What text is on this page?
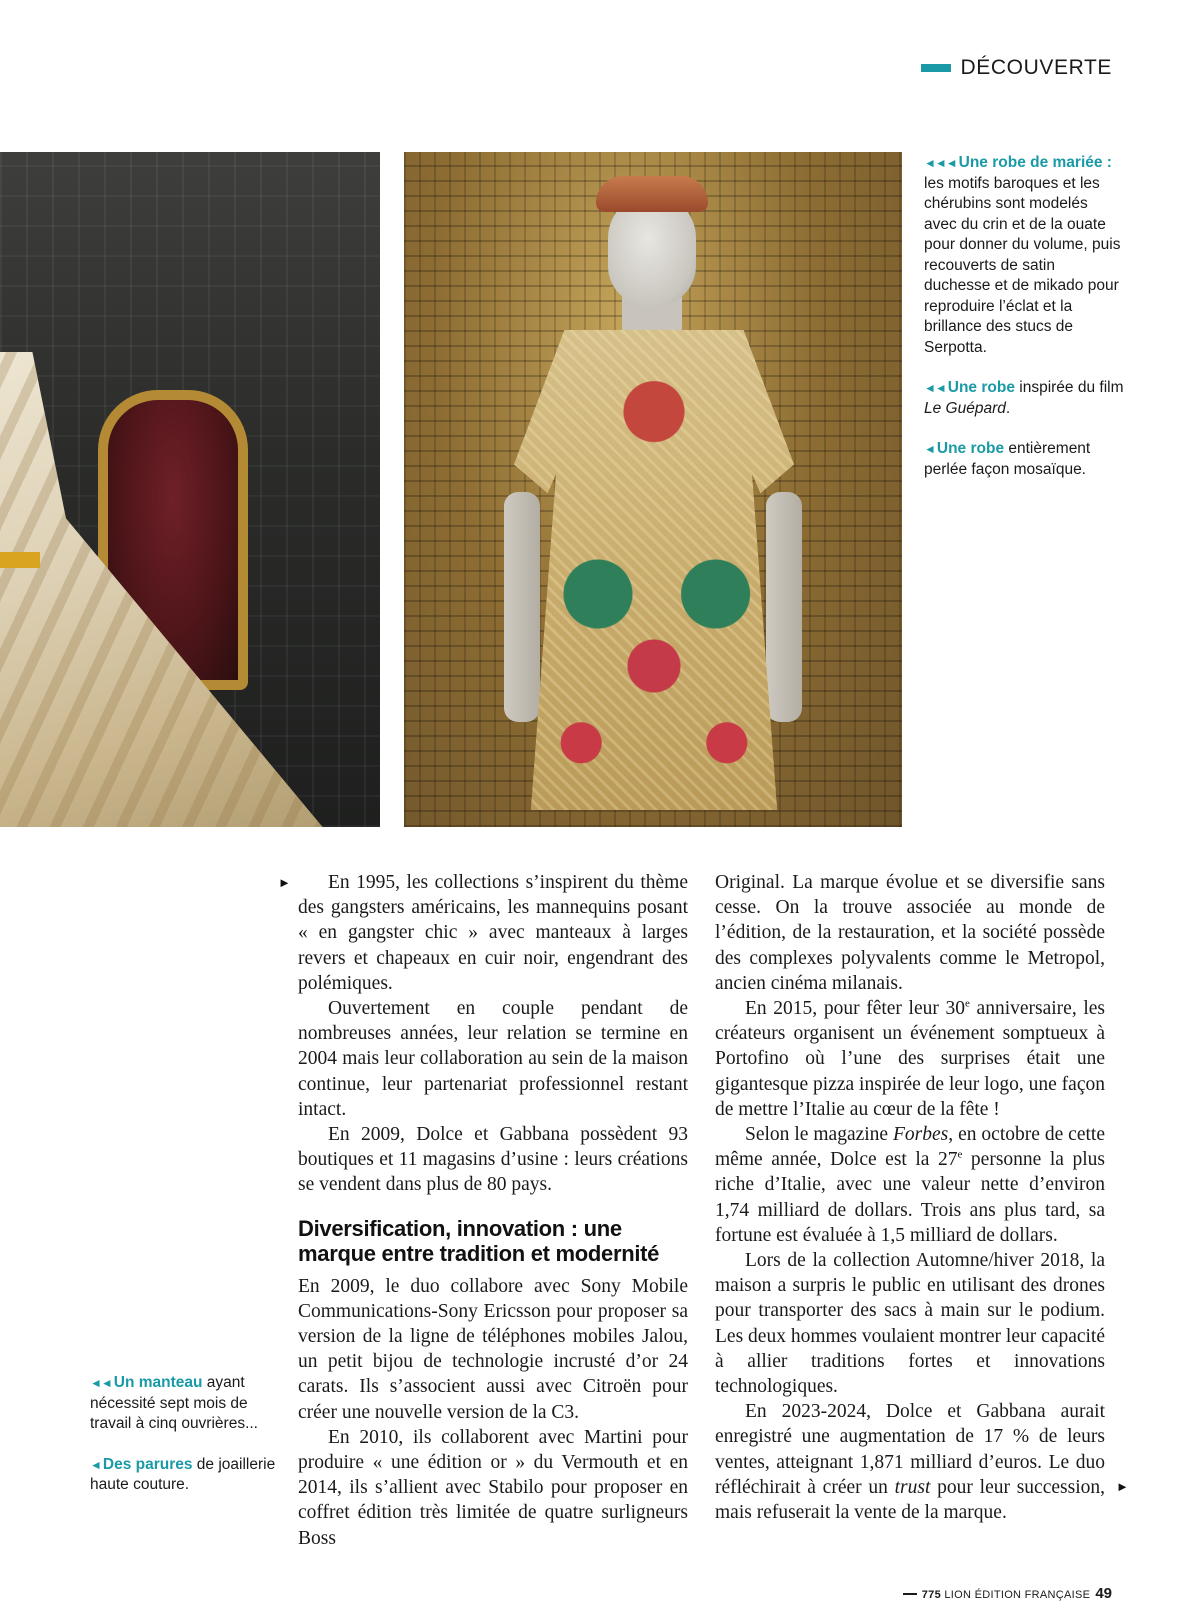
DÉCOUVERTE

◄◄◄ Une robe de mariée : les motifs baroques et les chérubins sont modelés avec du crin et de la ouate pour donner du volume, puis recouverts de satin duchesse et de mikado pour reproduire l’éclat et la brillance des stucs de Serpotta.

◄◄ Une robe inspirée du film Le Guépard.

◄ Une robe entièrement perlée façon mosaïque.

◄◄ Un manteau ayant nécessité sept mois de travail à cinq ouvrières...

◄ Des parures de joaillerie haute couture.

►	En 1995, les collections s’inspirent du thème des gangsters américains, les mannequins posant « en gangster chic » avec manteaux à larges revers et chapeaux en cuir noir, engendrant des polémiques.

Ouvertement en couple pendant de nombreuses années, leur relation se termine en 2004 mais leur collaboration au sein de la maison continue, leur partenariat professionnel restant intact.

En 2009, Dolce et Gabbana possèdent 93 boutiques et 11 magasins d’usine : leurs créations se vendent dans plus de 80 pays.

Diversification, innovation : une marque entre tradition et modernité

En 2009, le duo collabore avec Sony Mobile Communications-Sony Ericsson pour proposer sa version de la ligne de téléphones mobiles Jalou, un petit bijou de technologie incrusté d’or 24 carats. Ils s’associent aussi avec Citroën pour créer une nouvelle version de la C3.

En 2010, ils collaborent avec Martini pour produire « une édition or » du Vermouth et en 2014, ils s’allient avec Stabilo pour proposer en coffret édition très limitée de quatre surligneurs Boss

Original. La marque évolue et se diversifie sans cesse. On la trouve associée au monde de l’édition, de la restauration, et la société possède des complexes polyvalents comme le Metropol, ancien cinéma milanais.

En 2015, pour fêter leur 30e anniversaire, les créateurs organisent un événement somptueux à Portofino où l’une des surprises était une gigantesque pizza inspirée de leur logo, une façon de mettre l’Italie au cœur de la fête !

Selon le magazine Forbes, en octobre de cette même année, Dolce est la 27e personne la plus riche d’Italie, avec une valeur nette d’environ 1,74 milliard de dollars. Trois ans plus tard, sa fortune est évaluée à 1,5 milliard de dollars.

Lors de la collection Automne/hiver 2018, la maison a surpris le public en utilisant des drones pour transporter des sacs à main sur le podium. Les deux hommes voulaient montrer leur capacité à allier traditions fortes et innovations technologiques.

En 2023-2024, Dolce et Gabbana aurait enregistré une augmentation de 17 % de leurs ventes, atteignant 1,871 milliard d’euros. Le duo réfléchirait à créer un trust pour leur succession, mais refuserait la vente de la marque.

►
775 LION ÉDITION FRANÇAISE 49
